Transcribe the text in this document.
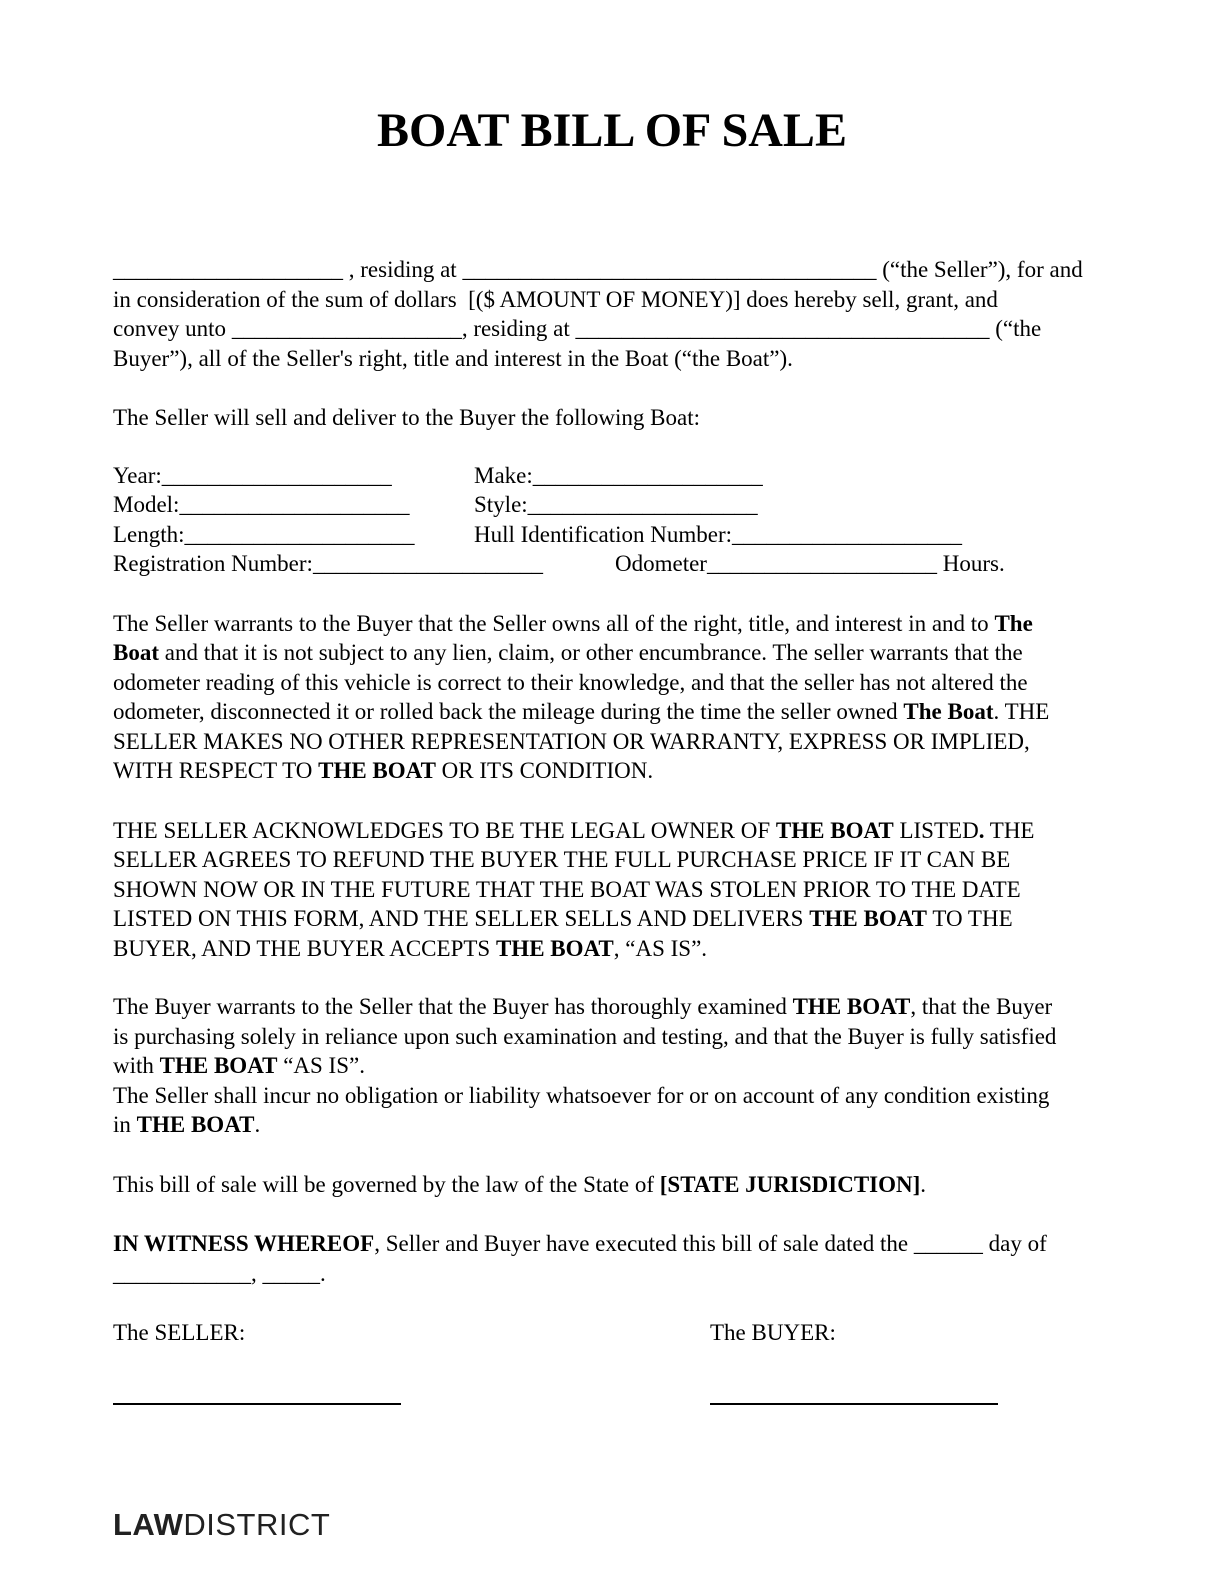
BOAT BILL OF SALE
____________________ , residing at ____________________________________ (“the Seller”), for and
in consideration of the sum of dollars  [($ AMOUNT OF MONEY)] does hereby sell, grant, and
convey unto ____________________, residing at ____________________________________ (“the
Buyer”), all of the Seller's right, title and interest in the Boat (“the Boat”).
The Seller will sell and deliver to the Buyer the following Boat:
Year:____________________	Make:____________________
Model:____________________	Style:____________________
Length:____________________	Hull Identification Number:____________________
Registration Number:____________________	Odometer____________________ Hours.
The Seller warrants to the Buyer that the Seller owns all of the right, title, and interest in and to The
Boat and that it is not subject to any lien, claim, or other encumbrance. The seller warrants that the
odometer reading of this vehicle is correct to their knowledge, and that the seller has not altered the
odometer, disconnected it or rolled back the mileage during the time the seller owned The Boat. THE
SELLER MAKES NO OTHER REPRESENTATION OR WARRANTY, EXPRESS OR IMPLIED,
WITH RESPECT TO THE BOAT OR ITS CONDITION.
THE SELLER ACKNOWLEDGES TO BE THE LEGAL OWNER OF THE BOAT LISTED. THE
SELLER AGREES TO REFUND THE BUYER THE FULL PURCHASE PRICE IF IT CAN BE
SHOWN NOW OR IN THE FUTURE THAT THE BOAT WAS STOLEN PRIOR TO THE DATE
LISTED ON THIS FORM, AND THE SELLER SELLS AND DELIVERS THE BOAT TO THE
BUYER, AND THE BUYER ACCEPTS THE BOAT, “AS IS”.
The Buyer warrants to the Seller that the Buyer has thoroughly examined THE BOAT, that the Buyer
is purchasing solely in reliance upon such examination and testing, and that the Buyer is fully satisfied
with THE BOAT “AS IS”.
The Seller shall incur no obligation or liability whatsoever for or on account of any condition existing
in THE BOAT.
This bill of sale will be governed by the law of the State of [STATE JURISDICTION].
IN WITNESS WHEREOF, Seller and Buyer have executed this bill of sale dated the ______ day of
____________, _____.
The SELLER:	The BUYER:
LAWDISTRICT
